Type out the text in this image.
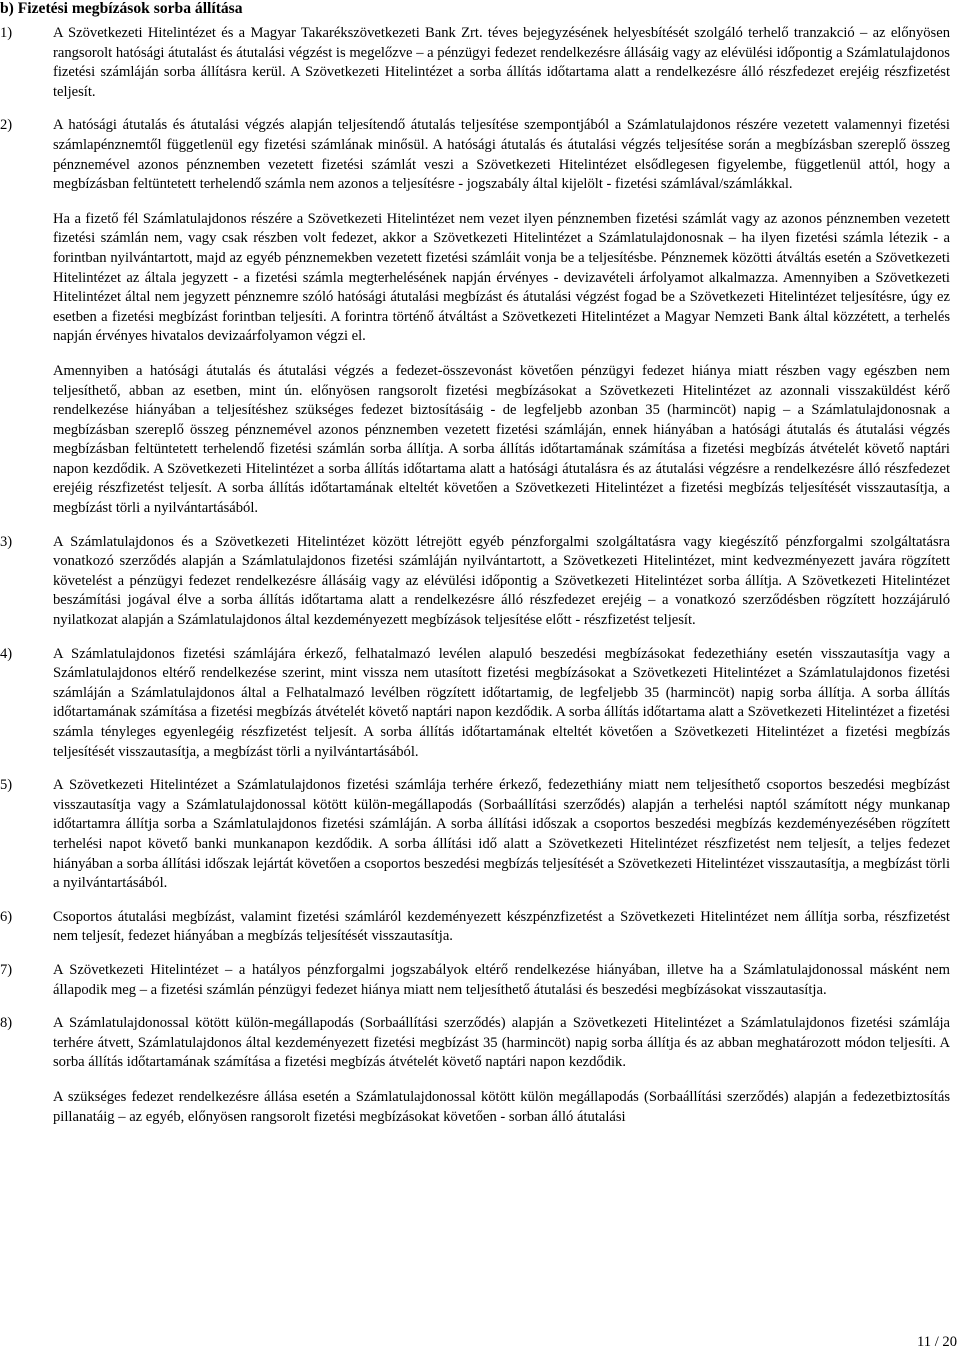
b) Fizetési megbízások sorba állítása
1)	A Szövetkezeti Hitelintézet és a Magyar Takarékszövetkezeti Bank Zrt. téves bejegyzésének helyesbítését szolgáló terhelő tranzakció – az előnyösen rangsorolt hatósági átutalást és átutalási végzést is megelőzve – a pénzügyi fedezet rendelkezésre állásáig vagy az elévülési időpontig a Számlatulajdonos fizetési számláján sorba állításra kerül. A Szövetkezeti Hitelintézet a sorba állítás időtartama alatt a rendelkezésre álló részfedezet erejéig részfizetést teljesít.

2)	A hatósági átutalás és átutalási végzés alapján teljesítendő átutalás teljesítése szempontjából a Számlatulajdonos részére vezetett valamennyi fizetési számlapénznemtől függetlenül egy fizetési számlának minősül. A hatósági átutalás és átutalási végzés teljesítése során a megbízásban szereplő összeg pénznemével azonos pénznemben vezetett fizetési számlát veszi a Szövetkezeti Hitelintézet elsődlegesen figyelembe, függetlenül attól, hogy a megbízásban feltüntetett terhelendő számla nem azonos a teljesítésre - jogszabály által kijelölt - fizetési számlával/számlákkal.

Ha a fizető fél Számlatulajdonos részére a Szövetkezeti Hitelintézet nem vezet ilyen pénznemben fizetési számlát vagy az azonos pénznemben vezetett fizetési számlán nem, vagy csak részben volt fedezet, akkor a Szövetkezeti Hitelintézet a Számlatulajdonosnak – ha ilyen fizetési számla létezik - a forintban nyilvántartott, majd az egyéb pénznemekben vezetett fizetési számláit vonja be a teljesítésbe. Pénznemek közötti átváltás esetén a Szövetkezeti Hitelintézet az általa jegyzett - a fizetési számla megterhelésének napján érvényes - devizavételi árfolyamot alkalmazza. Amennyiben a Szövetkezeti Hitelintézet által nem jegyzett pénznemre szóló hatósági átutalási megbízást és átutalási végzést fogad be a Szövetkezeti Hitelintézet teljesítésre, úgy ez esetben a fizetési megbízást forintban teljesíti. A forintra történő átváltást a Szövetkezeti Hitelintézet a Magyar Nemzeti Bank által közzétett, a terhelés napján érvényes hivatalos devizaárfolyamon végzi el.

Amennyiben a hatósági átutalás és átutalási végzés a fedezet-összevonást követően pénzügyi fedezet hiánya miatt részben vagy egészben nem teljesíthető, abban az esetben, mint ún. előnyösen rangsorolt fizetési megbízásokat a Szövetkezeti Hitelintézet az azonnali visszaküldést kérő rendelkezése hiányában a teljesítéshez szükséges fedezet biztosításáig - de legfeljebb azonban 35 (harmincöt) napig – a Számlatulajdonosnak a megbízásban szereplő összeg pénznemével azonos pénznemben vezetett fizetési számláján, ennek hiányában a hatósági átutalás és átutalási végzés megbízásban feltüntetett terhelendő fizetési számlán sorba állítja. A sorba állítás időtartamának számítása a fizetési megbízás átvételét követő naptári napon kezdődik. A Szövetkezeti Hitelintézet a sorba állítás időtartama alatt a hatósági átutalásra és az átutalási végzésre a rendelkezésre álló részfedezet erejéig részfizetést teljesít. A sorba állítás időtartamának elteltét követően a Szövetkezeti Hitelintézet a fizetési megbízás teljesítését visszautasítja, a megbízást törli a nyilvántartásából.

3)	A Számlatulajdonos és a Szövetkezeti Hitelintézet között létrejött egyéb pénzforgalmi szolgáltatásra vagy kiegészítő pénzforgalmi szolgáltatásra vonatkozó szerződés alapján a Számlatulajdonos fizetési számláján nyilvántartott, a Szövetkezeti Hitelintézet, mint kedvezményezett javára rögzített követelést a pénzügyi fedezet rendelkezésre állásáig vagy az elévülési időpontig a Szövetkezeti Hitelintézet sorba állítja. A Szövetkezeti Hitelintézet beszámítási jogával élve a sorba állítás időtartama alatt a rendelkezésre álló részfedezet erejéig – a vonatkozó szerződésben rögzített hozzájáruló nyilatkozat alapján a Számlatulajdonos által kezdeményezett megbízások teljesítése előtt - részfizetést teljesít.

4)	A Számlatulajdonos fizetési számlájára érkező, felhatalmazó levélen alapuló beszedési megbízásokat fedezethiány esetén visszautasítja vagy a Számlatulajdonos eltérő rendelkezése szerint, mint vissza nem utasított fizetési megbízásokat a Szövetkezeti Hitelintézet a Számlatulajdonos fizetési számláján a Számlatulajdonos által a Felhatalmazó levélben rögzített időtartamig, de legfeljebb 35 (harmincöt) napig sorba állítja. A sorba állítás időtartamának számítása a fizetési megbízás átvételét követő naptári napon kezdődik. A sorba állítás időtartama alatt a Szövetkezeti Hitelintézet a fizetési számla tényleges egyenlegéig részfizetést teljesít. A sorba állítás időtartamának elteltét követően a Szövetkezeti Hitelintézet a fizetési megbízás teljesítését visszautasítja, a megbízást törli a nyilvántartásából.

5)	A Szövetkezeti Hitelintézet a Számlatulajdonos fizetési számlája terhére érkező, fedezethiány miatt nem teljesíthető csoportos beszedési megbízást visszautasítja vagy a Számlatulajdonossal kötött külön-megállapodás (Sorbaállítási szerződés) alapján a terhelési naptól számított négy munkanap időtartamra állítja sorba a Számlatulajdonos fizetési számláján. A sorba állítási időszak a csoportos beszedési megbízás kezdeményezésében rögzített terhelési napot követő banki munkanapon kezdődik. A sorba állítási idő alatt a Szövetkezeti Hitelintézet részfizetést nem teljesít, a teljes fedezet hiányában a sorba állítási időszak lejártát követően a csoportos beszedési megbízás teljesítését a Szövetkezeti Hitelintézet visszautasítja, a megbízást törli a nyilvántartásából.

6)	Csoportos átutalási megbízást, valamint fizetési számláról kezdeményezett készpénzfizetést a Szövetkezeti Hitelintézet nem állítja sorba, részfizetést nem teljesít, fedezet hiányában a megbízás teljesítését visszautasítja.

7)	A Szövetkezeti Hitelintézet – a hatályos pénzforgalmi jogszabályok eltérő rendelkezése hiányában, illetve ha a Számlatulajdonossal másként nem állapodik meg – a fizetési számlán pénzügyi fedezet hiánya miatt nem teljesíthető átutalási és beszedési megbízásokat visszautasítja.

8)	A Számlatulajdonossal kötött külön-megállapodás (Sorbaállítási szerződés) alapján a Szövetkezeti Hitelintézet a Számlatulajdonos fizetési számlája terhére átvett, Számlatulajdonos által kezdeményezett fizetési megbízást 35 (harmincöt) napig sorba állítja és az abban meghatározott módon teljesíti. A sorba állítás időtartamának számítása a fizetési megbízás átvételét követő naptári napon kezdődik.

A szükséges fedezet rendelkezésre állása esetén a Számlatulajdonossal kötött külön megállapodás (Sorbaállítási szerződés) alapján a fedezetbiztosítás pillanatáig – az egyéb, előnyösen rangsorolt fizetési megbízásokat követően - sorban álló átutalási

11 / 20
